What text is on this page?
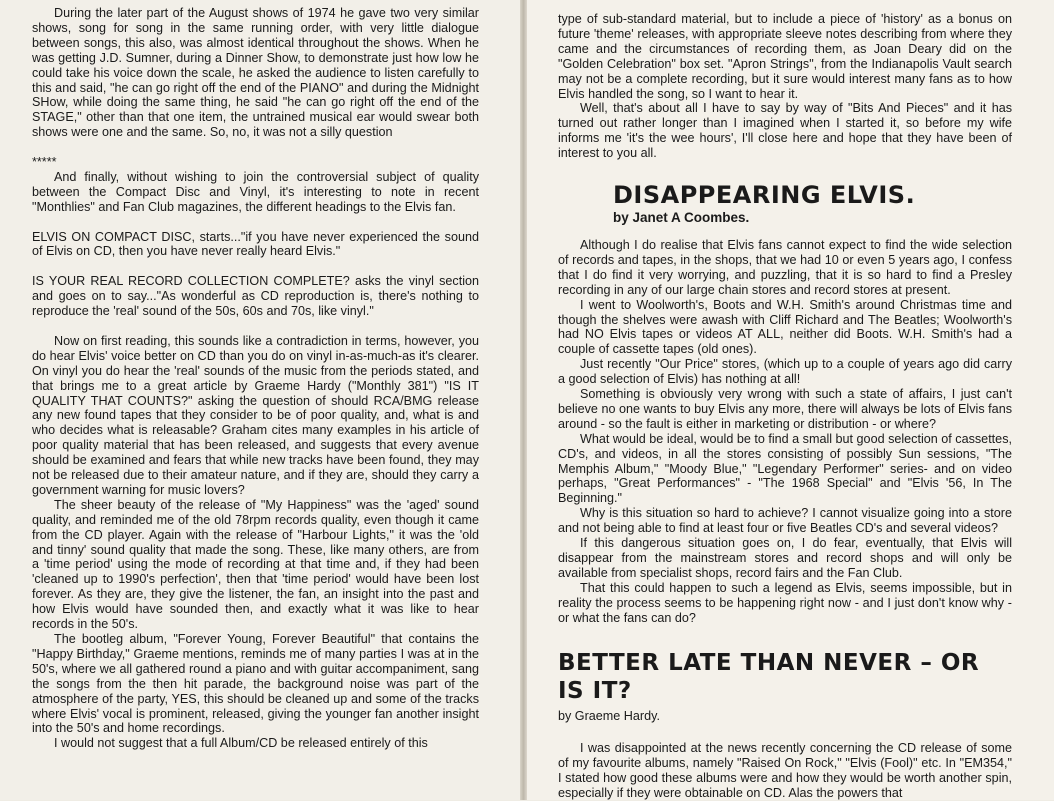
During the later part of the August shows of 1974 he gave two very similar shows, song for song in the same running order, with very little dialogue between songs, this also, was almost identical throughout the shows. When he was getting J.D. Sumner, during a Dinner Show, to demonstrate just how low he could take his voice down the scale, he asked the audience to listen carefully to this and said, "he can go right off the end of the PIANO" and during the Midnight SHow, while doing the same thing, he said "he can go right off the end of the STAGE," other than that one item, the untrained musical ear would swear both shows were one and the same. So, no, it was not a silly question

*****

And finally, without wishing to join the controversial subject of quality between the Compact Disc and Vinyl, it's interesting to note in recent "Monthlies" and Fan Club magazines, the different headings to the Elvis fan.

ELVIS ON COMPACT DISC, starts..."if you have never experienced the sound of Elvis on CD, then you have never really heard Elvis."

IS YOUR REAL RECORD COLLECTION COMPLETE? asks the vinyl section and goes on to say..."As wonderful as CD reproduction is, there's nothing to reproduce the 'real' sound of the 50s, 60s and 70s, like vinyl."

Now on first reading, this sounds like a contradiction in terms, however, you do hear Elvis' voice better on CD than you do on vinyl in-as-much-as it's clearer. On vinyl you do hear the 'real' sounds of the music from the periods stated, and that brings me to a great article by Graeme Hardy ("Monthly 381") "IS IT QUALITY THAT COUNTS?" asking the question of should RCA/BMG release any new found tapes that they consider to be of poor quality, and, what is and who decides what is releasable? Graham cites many examples in his article of poor quality material that has been released, and suggests that every avenue should be examined and fears that while new tracks have been found, they may not be released due to their amateur nature, and if they are, should they carry a government warning for music lovers?

The sheer beauty of the release of "My Happiness" was the 'aged' sound quality, and reminded me of the old 78rpm records quality, even though it came from the CD player. Again with the release of "Harbour Lights," it was the 'old and tinny' sound quality that made the song. These, like many others, are from a 'time period' using the mode of recording at that time and, if they had been 'cleaned up to 1990's perfection', then that 'time period' would have been lost forever. As they are, they give the listener, the fan, an insight into the past and how Elvis would have sounded then, and exactly what it was like to hear records in the 50's.

The bootleg album, "Forever Young, Forever Beautiful" that contains the "Happy Birthday," Graeme mentions, reminds me of many parties I was at in the 50's, where we all gathered round a piano and with guitar accompaniment, sang the songs from the then hit parade, the background noise was part of the atmosphere of the party, YES, this should be cleaned up and some of the tracks where Elvis' vocal is prominent, released, giving the younger fan another insight into the 50's and home recordings.

I would not suggest that a full Album/CD be released entirely of this

type of sub-standard material, but to include a piece of 'history' as a bonus on future 'theme' releases, with appropriate sleeve notes describing from where they came and the circumstances of recording them, as Joan Deary did on the "Golden Celebration" box set. "Apron Strings", from the Indianapolis Vault search may not be a complete recording, but it sure would interest many fans as to how Elvis handled the song, so I want to hear it.

Well, that's about all I have to say by way of "Bits And Pieces" and it has turned out rather longer than I imagined when I started it, so before my wife informs me 'it's the wee hours', I'll close here and hope that they have been of interest to you all.

DISAPPEARING ELVIS.
by Janet A Coombes.

Although I do realise that Elvis fans cannot expect to find the wide selection of records and tapes, in the shops, that we had 10 or even 5 years ago, I confess that I do find it very worrying, and puzzling, that it is so hard to find a Presley recording in any of our large chain stores and record stores at present.

I went to Woolworth's, Boots and W.H. Smith's around Christmas time and though the shelves were awash with Cliff Richard and The Beatles; Woolworth's had NO Elvis tapes or videos AT ALL, neither did Boots. W.H. Smith's had a couple of cassette tapes (old ones).

Just recently "Our Price" stores, (which up to a couple of years ago did carry a good selection of Elvis) has nothing at all!

Something is obviously very wrong with such a state of affairs, I just can't believe no one wants to buy Elvis any more, there will always be lots of Elvis fans around - so the fault is either in marketing or distribution - or where?

What would be ideal, would be to find a small but good selection of cassettes, CD's, and videos, in all the stores consisting of possibly Sun sessions, "The Memphis Album," "Moody Blue," "Legendary Performer" series- and on video perhaps, "Great Performances" - "The 1968 Special" and "Elvis '56, In The Beginning."

Why is this situation so hard to achieve? I cannot visualize going into a store and not being able to find at least four or five Beatles CD's and several videos?

If this dangerous situation goes on, I do fear, eventually, that Elvis will disappear from the mainstream stores and record shops and will only be available from specialist shops, record fairs and the Fan Club.

That this could happen to such a legend as Elvis, seems impossible, but in reality the process seems to be happening right now - and I just don't know why - or what the fans can do?

BETTER LATE THAN NEVER – OR IS IT?
by Graeme Hardy.

I was disappointed at the news recently concerning the CD release of some of my favourite albums, namely "Raised On Rock," "Elvis (Fool)" etc. In "EM354," I stated how good these albums were and how they would be worth another spin, especially if they were obtainable on CD. Alas the powers that
